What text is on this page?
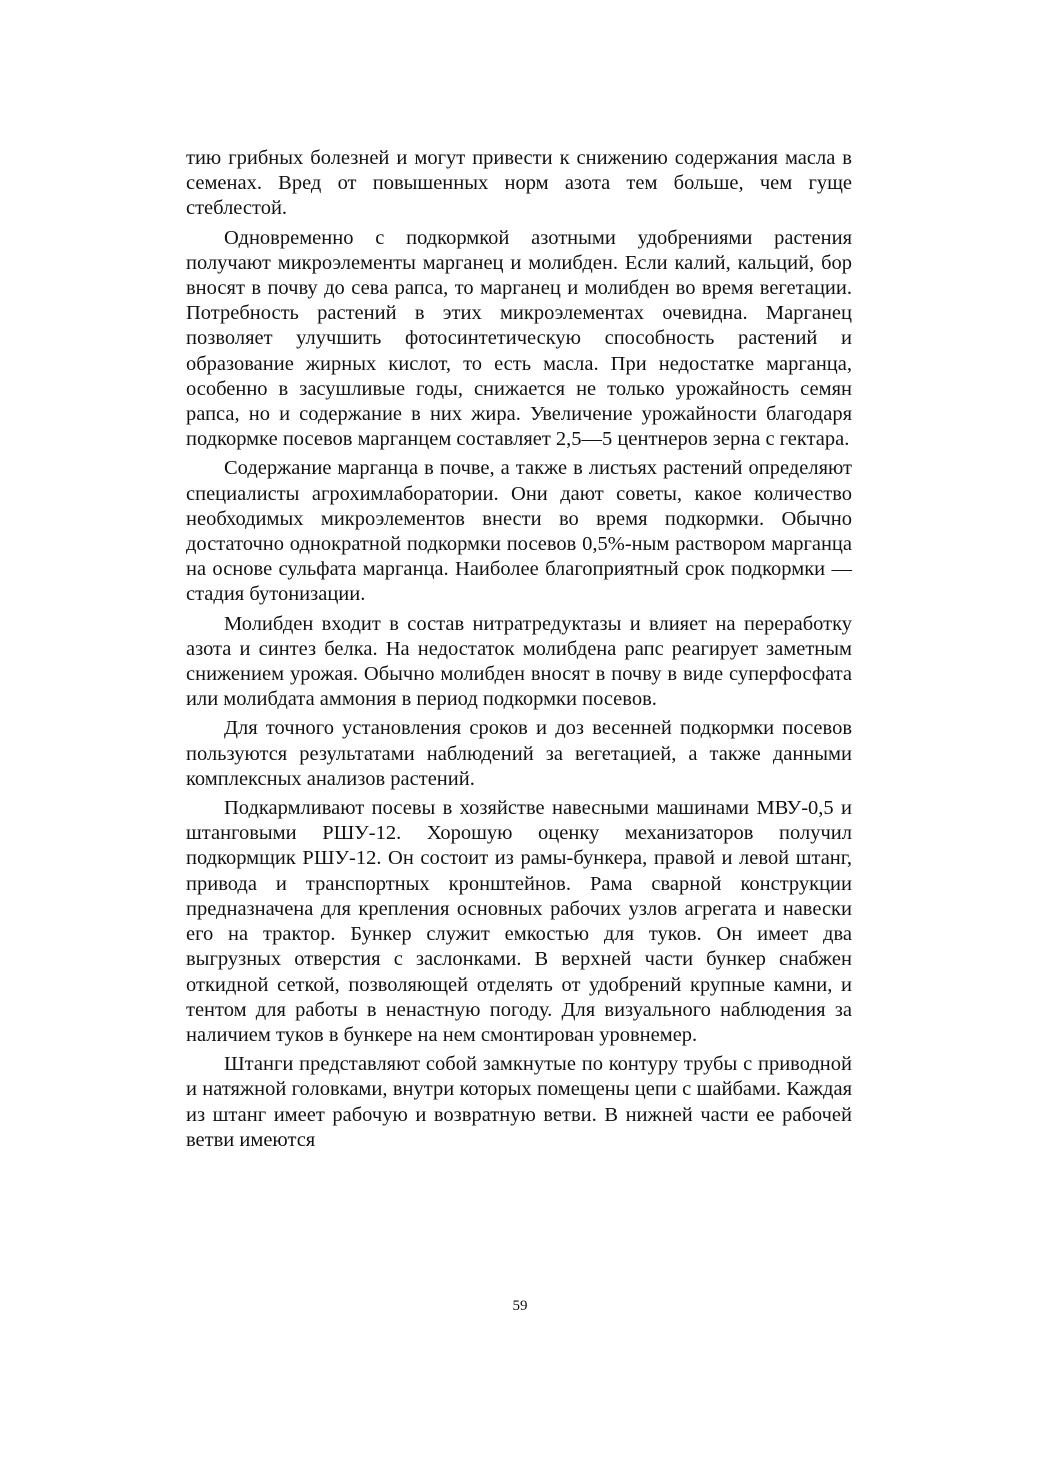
тию грибных болезней и могут привести к снижению содержания масла в семенах. Вред от повышенных норм азота тем больше, чем гуще стеблестой.

Одновременно с подкормкой азотными удобрениями растения получают микроэлементы марганец и молибден. Если калий, кальций, бор вносят в почву до сева рапса, то марганец и молибден во время вегетации. Потребность растений в этих микроэлементах очевидна. Марганец позволяет улучшить фотосинтетическую способность растений и образование жирных кислот, то есть масла. При недостатке марганца, особенно в засушливые годы, снижается не только урожайность семян рапса, но и содержание в них жира. Увеличение урожайности благодаря подкормке посевов марганцем составляет 2,5—5 центнеров зерна с гектара.

Содержание марганца в почве, а также в листьях растений определяют специалисты агрохимлаборатории. Они дают советы, какое количество необходимых микроэлементов внести во время подкормки. Обычно достаточно однократной подкормки посевов 0,5%-ным раствором марганца на основе сульфата марганца. Наиболее благоприятный срок подкормки — стадия бутонизации.

Молибден входит в состав нитратредуктазы и влияет на переработку азота и синтез белка. На недостаток молибдена рапс реагирует заметным снижением урожая. Обычно молибден вносят в почву в виде суперфосфата или молибдата аммония в период подкормки посевов.

Для точного установления сроков и доз весенней подкормки посевов пользуются результатами наблюдений за вегетацией, а также данными комплексных анализов растений.

Подкармливают посевы в хозяйстве навесными машинами МВУ-0,5 и штанговыми РШУ-12. Хорошую оценку механизаторов получил подкормщик РШУ-12. Он состоит из рамы-бункера, правой и левой штанг, привода и транспортных кронштейнов. Рама сварной конструкции предназначена для крепления основных рабочих узлов агрегата и навески его на трактор. Бункер служит емкостью для туков. Он имеет два выгрузных отверстия с заслонками. В верхней части бункер снабжен откидной сеткой, позволяющей отделять от удобрений крупные камни, и тентом для работы в ненастную погоду. Для визуального наблюдения за наличием туков в бункере на нем смонтирован уровнемер.

Штанги представляют собой замкнутые по контуру трубы с приводной и натяжной головками, внутри которых помещены цепи с шайбами. Каждая из штанг имеет рабочую и возвратную ветви. В нижней части ее рабочей ветви имеются

59
